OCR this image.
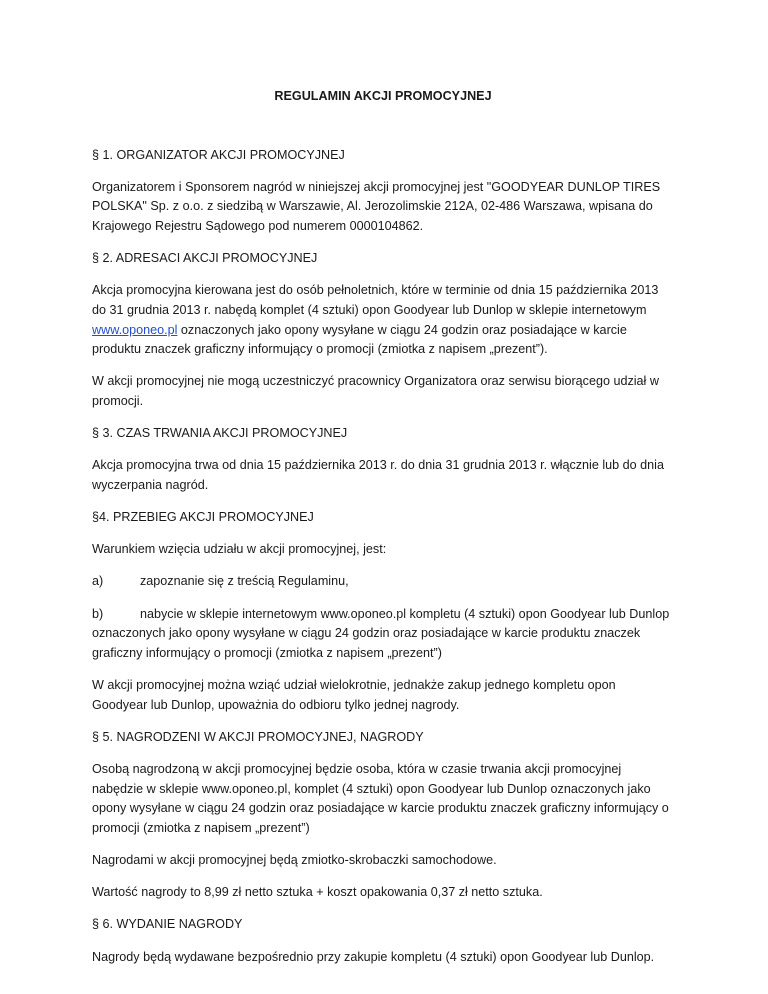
REGULAMIN AKCJI PROMOCYJNEJ

§ 1. ORGANIZATOR AKCJI PROMOCYJNEJ

Organizatorem i Sponsorem nagród w niniejszej akcji promocyjnej jest "GOODYEAR DUNLOP TIRES POLSKA" Sp. z o.o. z siedzibą w Warszawie, Al. Jerozolimskie 212A, 02-486 Warszawa, wpisana do Krajowego Rejestru Sądowego pod numerem 0000104862.

§ 2. ADRESACI AKCJI PROMOCYJNEJ

Akcja promocyjna kierowana jest do osób pełnoletnich, które w terminie od dnia 15 października 2013 do 31 grudnia 2013 r. nabędą komplet (4 sztuki) opon Goodyear lub Dunlop w sklepie internetowym www.oponeo.pl oznaczonych jako opony wysyłane w ciągu 24 godzin oraz posiadające w karcie produktu znaczek graficzny informujący o promocji (zmiotka z napisem „prezent”).

W akcji promocyjnej nie mogą uczestniczyć pracownicy Organizatora oraz serwisu biorącego udział w promocji.

§ 3. CZAS TRWANIA AKCJI PROMOCYJNEJ

Akcja promocyjna trwa od dnia 15 października 2013 r. do dnia 31 grudnia 2013 r. włącznie lub do dnia wyczerpania nagród.

§4. PRZEBIEG AKCJI PROMOCYJNEJ

Warunkiem wzięcia udziału w akcji promocyjnej, jest:

a)	zapoznanie się z treścią Regulaminu,
b)	nabycie w sklepie internetowym www.oponeo.pl kompletu (4 sztuki) opon Goodyear lub Dunlop oznaczonych jako opony wysyłane w ciągu 24 godzin oraz posiadające w karcie produktu znaczek graficzny informujący o promocji (zmiotka z napisem „prezent”)

W akcji promocyjnej można wziąć udział wielokrotnie, jednakże zakup jednego kompletu opon Goodyear lub Dunlop, upoważnia do odbioru tylko jednej nagrody.

§ 5. NAGRODZENI W AKCJI PROMOCYJNEJ, NAGRODY

Osobą nagrodzoną w akcji promocyjnej będzie osoba, która w czasie trwania akcji promocyjnej nabędzie w sklepie www.oponeo.pl, komplet (4 sztuki) opon Goodyear lub Dunlop oznaczonych jako opony wysyłane w ciągu 24 godzin oraz posiadające w karcie produktu znaczek graficzny informujący o promocji (zmiotka z napisem „prezent”)

Nagrodami w akcji promocyjnej będą zmiotko-skrobaczki samochodowe.

Wartość nagrody to 8,99 zł netto sztuka + koszt opakowania 0,37 zł netto sztuka.

§ 6. WYDANIE NAGRODY

Nagrody będą wydawane bezpośrednio przy zakupie kompletu (4 sztuki) opon Goodyear lub Dunlop.
